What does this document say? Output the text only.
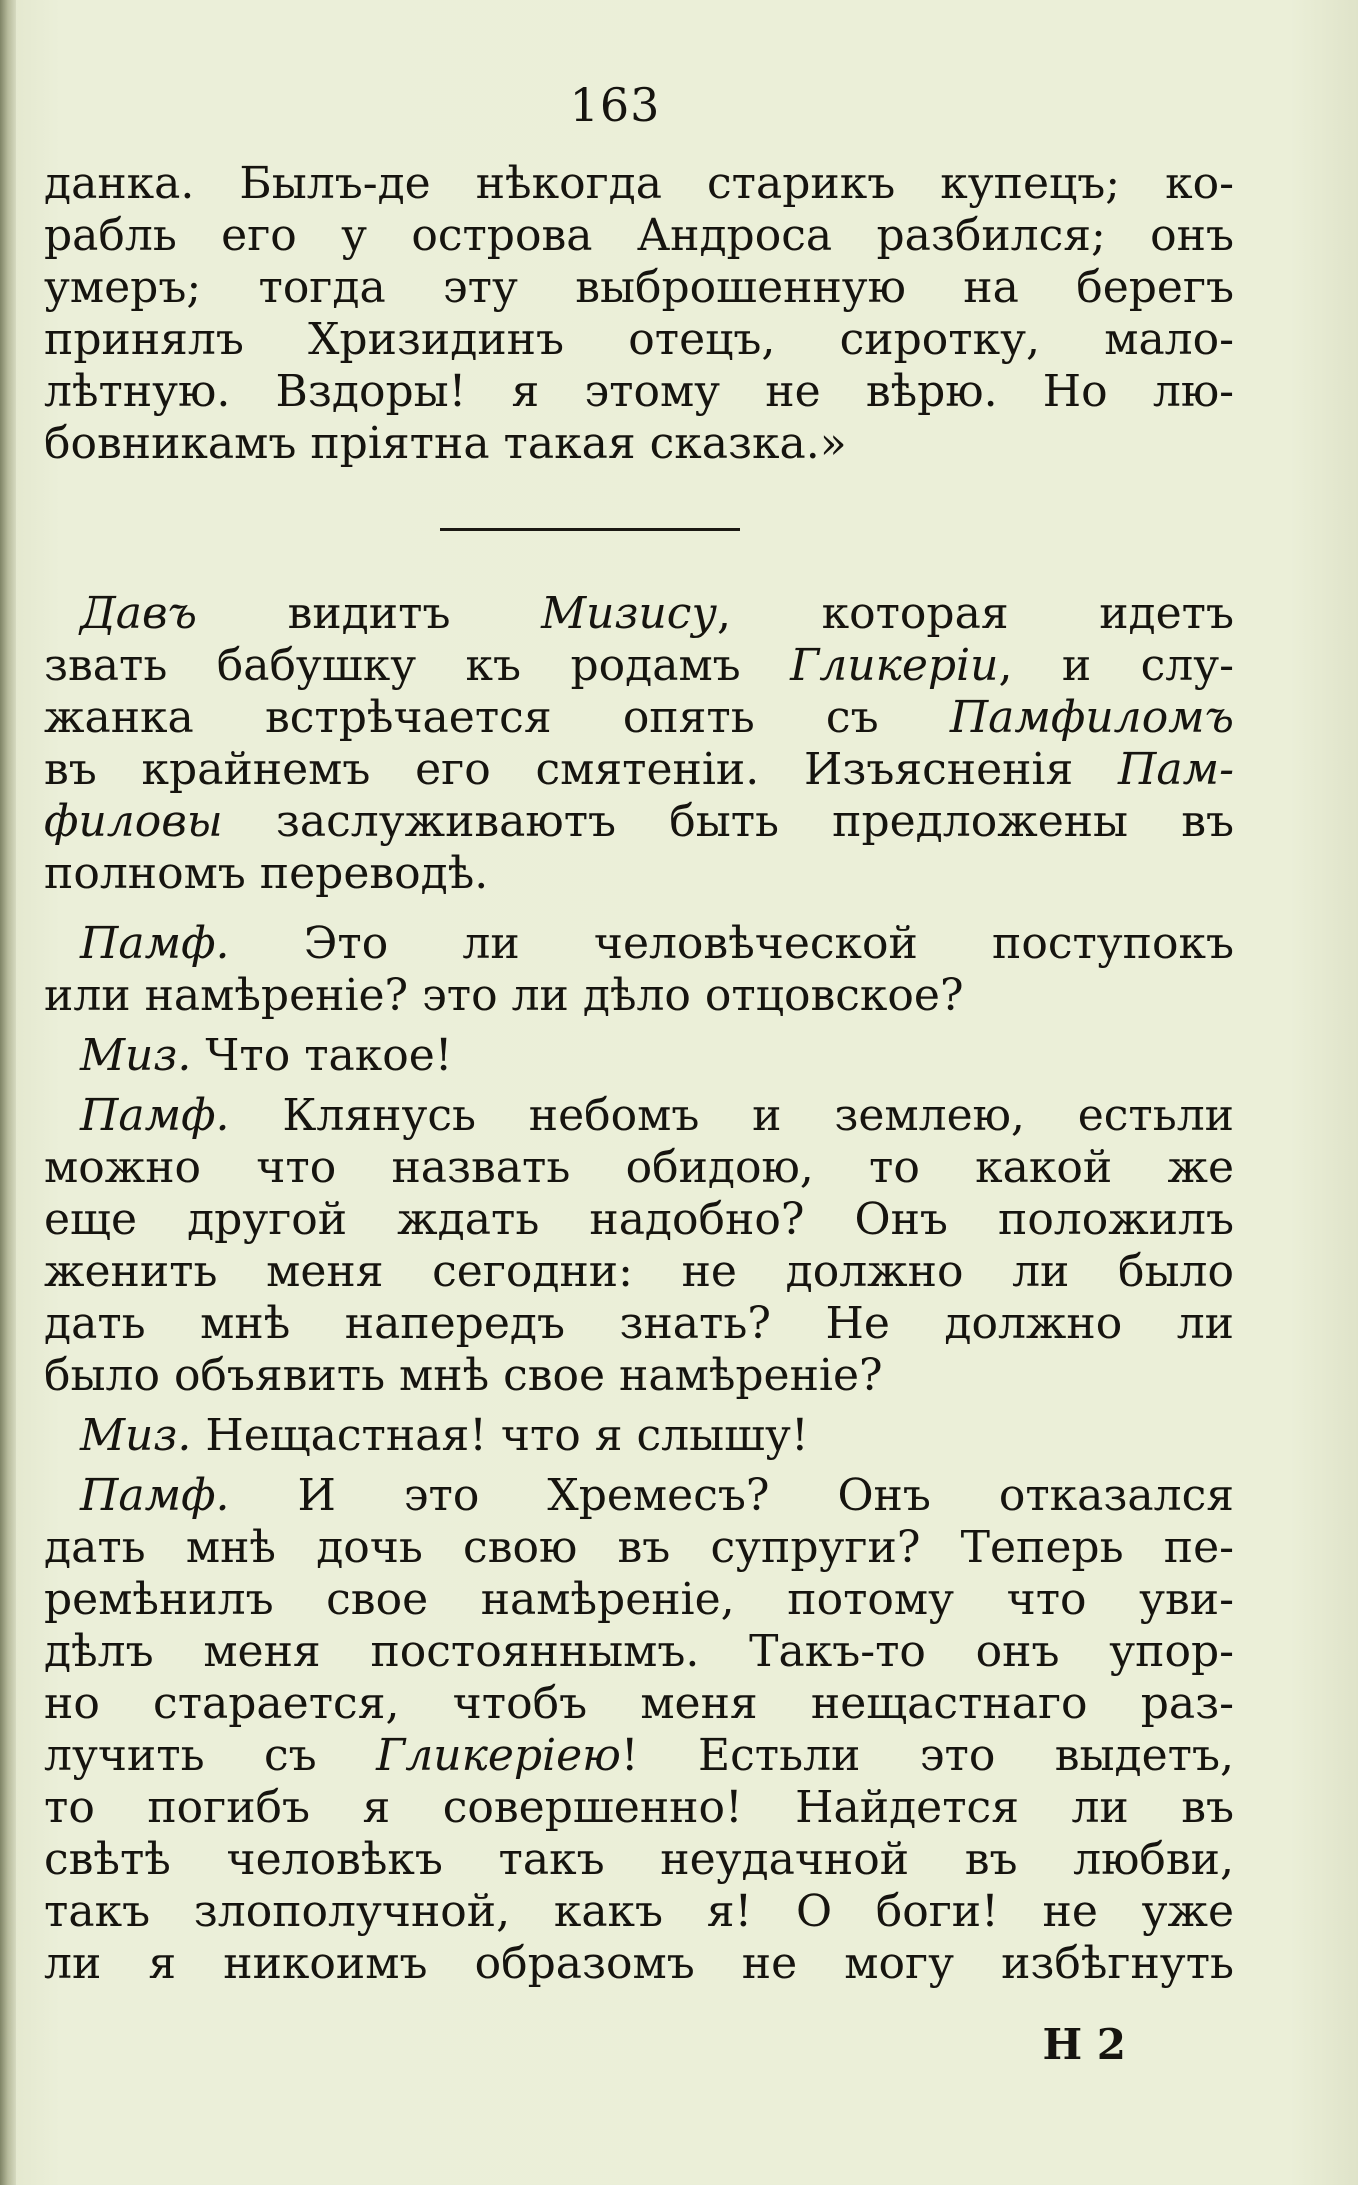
163
данка. Былъ-де нѣкогда старикъ купецъ; ко-
рабль его у острова Андроса разбился; онъ
умеръ; тогда эту выброшенную на берегъ
принялъ Хризидинъ отецъ, сиротку, мало-
лѣтную. Вздоры! я этому не вѣрю. Но лю-
бовникамъ пріятна такая сказка.»
Давъ видитъ Мизису, которая идетъ
звать бабушку къ родамъ Гликеріи, и слу-
жанка встрѣчается опять съ Памфиломъ
въ крайнемъ его смятеніи. Изъясненія Пам-
филовы заслуживаютъ быть предложены въ
полномъ переводѣ.
Памф. Это ли человѣческой поступокъ
или намѣреніе? это ли дѣло отцовское?
Миз. Что такое!
Памф. Клянусь небомъ и землею, естьли
можно что назвать обидою, то какой же
еще другой ждать надобно? Онъ положилъ
женить меня сегодни: не должно ли было
дать мнѣ напередъ знать? Не должно ли
было объявить мнѣ свое намѣреніе?
Миз. Нещастная! что я слышу!
Памф. И это Хремесъ? Онъ отказался
дать мнѣ дочь свою въ супруги? Теперь пе-
ремѣнилъ свое намѣреніе, потому что уви-
дѣлъ меня постояннымъ. Такъ-то онъ упор-
но старается, чтобъ меня нещастнаго раз-
лучить съ Гликеріею! Естьли это выдетъ,
то погибъ я совершенно! Найдется ли въ
свѣтѣ человѣкъ такъ неудачной въ любви,
такъ злополучной, какъ я! О боги! не уже
ли я никоимъ образомъ не могу избѣгнуть
Н 2
